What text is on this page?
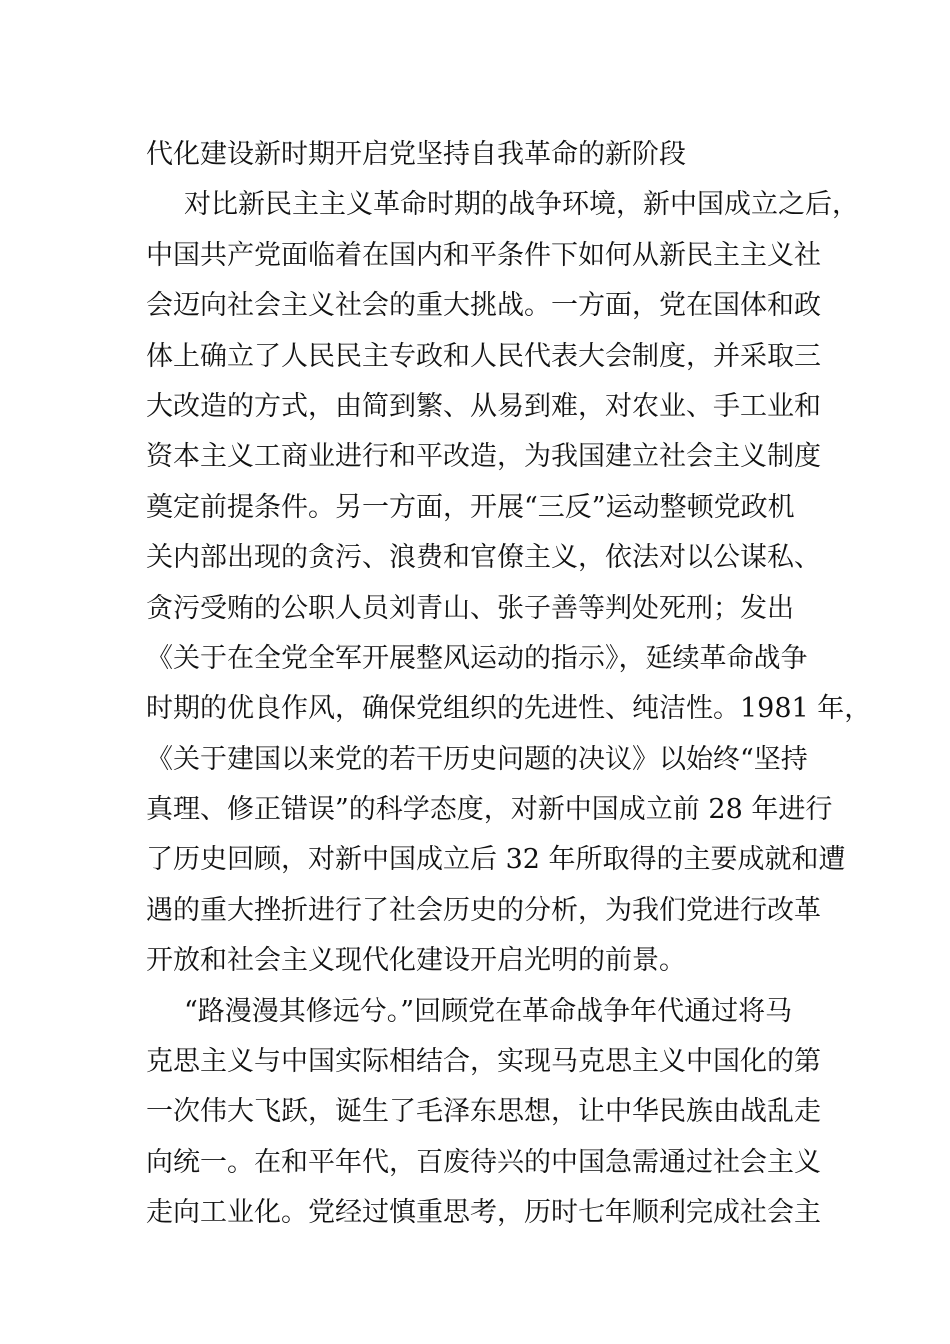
代化建设新时期开启党坚持自我革命的新阶段
对比新民主主义革命时期的战争环境，新中国成立之后，
中国共产党面临着在国内和平条件下如何从新民主主义社
会迈向社会主义社会的重大挑战。一方面，党在国体和政
体上确立了人民民主专政和人民代表大会制度，并采取三
大改造的方式，由简到繁、从易到难，对农业、手工业和
资本主义工商业进行和平改造，为我国建立社会主义制度
奠定前提条件。另一方面，开展“三反”运动整顿党政机
关内部出现的贪污、浪费和官僚主义，依法对以公谋私、
贪污受贿的公职人员刘青山、张子善等判处死刑；发出
《关于在全党全军开展整风运动的指示》，延续革命战争
时期的优良作风，确保党组织的先进性、纯洁性。1981 年，
《关于建国以来党的若干历史问题的决议》以始终“坚持
真理、修正错误”的科学态度，对新中国成立前 28 年进行
了历史回顾，对新中国成立后 32 年所取得的主要成就和遭
遇的重大挫折进行了社会历史的分析，为我们党进行改革
开放和社会主义现代化建设开启光明的前景。
“路漫漫其修远兮。”回顾党在革命战争年代通过将马
克思主义与中国实际相结合，实现马克思主义中国化的第
一次伟大飞跃，诞生了毛泽东思想，让中华民族由战乱走
向统一。在和平年代，百废待兴的中国急需通过社会主义
走向工业化。党经过慎重思考，历时七年顺利完成社会主
